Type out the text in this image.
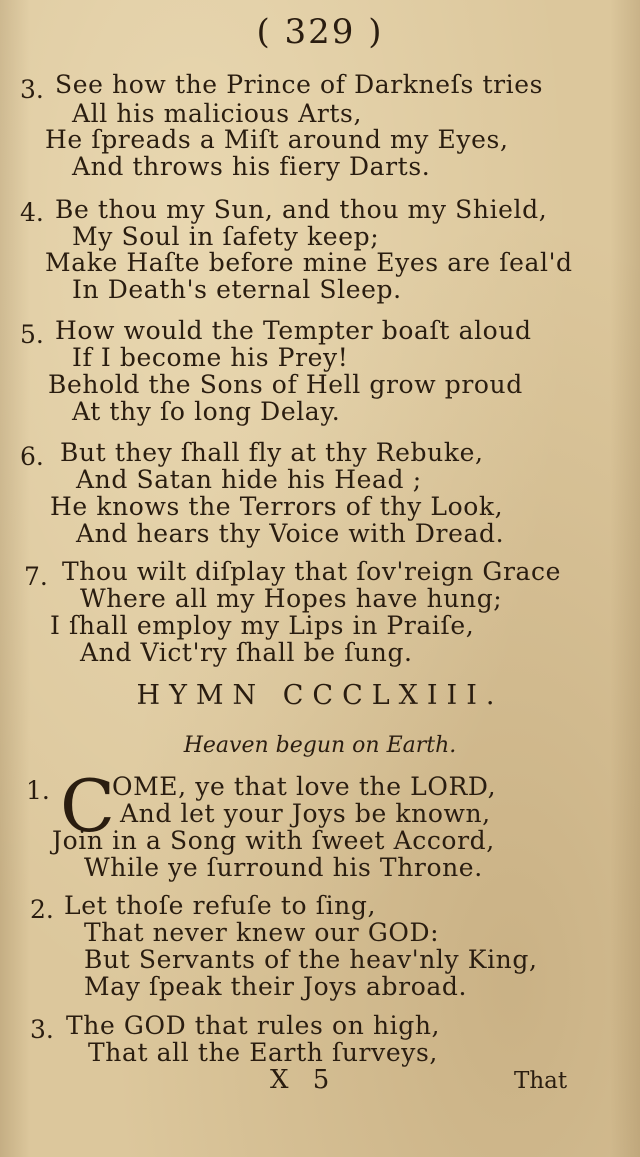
( 329 )
3. See how the Prince of Darkneſs tries
All his malicious Arts,
He ſpreads a Miſt around my Eyes,
And throws his fiery Darts.
4. Be thou my Sun, and thou my Shield,
My Soul in ſafety keep;
Make Haſte before mine Eyes are ſeal'd
In Death's eternal Sleep.
5. How would the Tempter boaſt aloud
If I become his Prey!
Behold the Sons of Hell grow proud
At thy ſo long Delay.
6. But they ſhall fly at thy Rebuke,
And Satan hide his Head ;
He knows the Terrors of thy Look,
And hears thy Voice with Dread.
7. Thou wilt diſplay that ſov'reign Grace
Where all my Hopes have hung;
I ſhall employ my Lips in Praiſe,
And Vict'ry ſhall be ſung.
HYMN CCCLXIII.
Heaven begun on Earth.
1. C
OME, ye that love the LORD,
And let your Joys be known,
Join in a Song with ſweet Accord,
While ye ſurround his Throne.
2. Let thoſe refuſe to ſing,
That never knew our GOD:
But Servants of the heav'nly King,
May ſpeak their Joys abroad.
3. The GOD that rules on high,
That all the Earth ſurveys,
X 5	That
